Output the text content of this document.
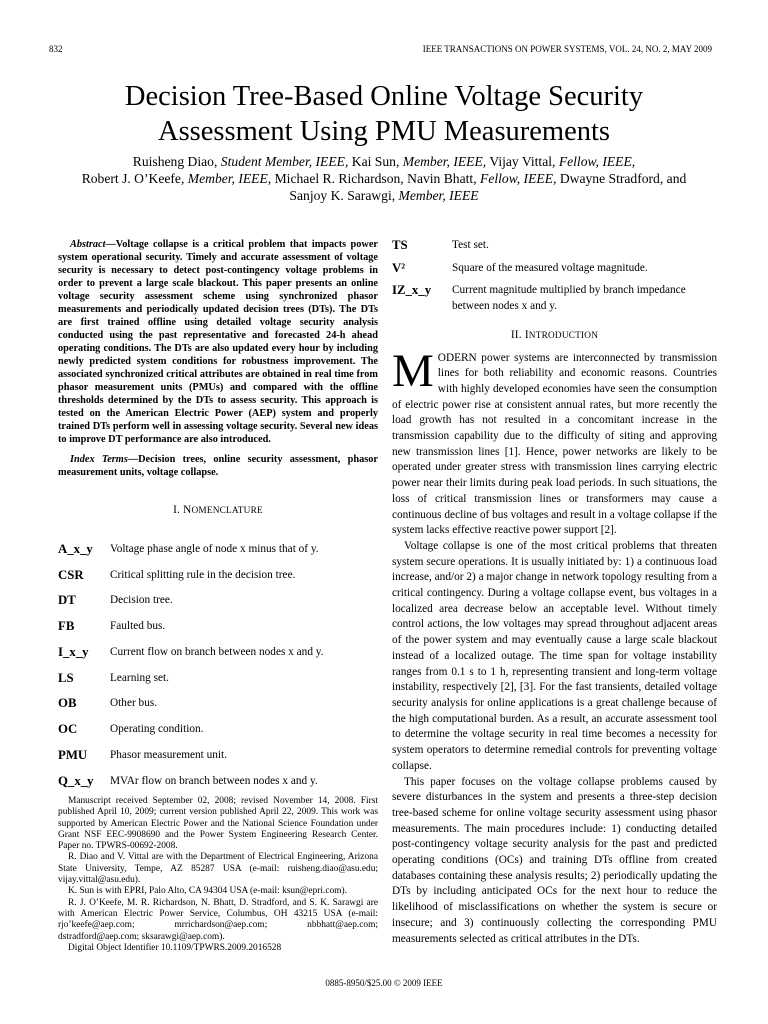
832	IEEE TRANSACTIONS ON POWER SYSTEMS, VOL. 24, NO. 2, MAY 2009
Decision Tree-Based Online Voltage Security
Assessment Using PMU Measurements
Ruisheng Diao, Student Member, IEEE, Kai Sun, Member, IEEE, Vijay Vittal, Fellow, IEEE,
Robert J. O’Keefe, Member, IEEE, Michael R. Richardson, Navin Bhatt, Fellow, IEEE, Dwayne Stradford, and
Sanjoy K. Sarawgi, Member, IEEE

Abstract—Voltage collapse is a critical problem that impacts power system operational security. Timely and accurate assessment of voltage security is necessary to detect post-contingency voltage problems in order to prevent a large scale blackout. This paper presents an online voltage security assessment scheme using synchronized phasor measurements and periodically updated decision trees (DTs). The DTs are first trained offline using detailed voltage security analysis conducted using the past representative and forecasted 24-h ahead operating conditions. The DTs are also updated every hour by including newly predicted system conditions for robustness improvement. The associated synchronized critical attributes are obtained in real time from phasor measurement units (PMUs) and compared with the offline thresholds determined by the DTs to assess security. This approach is tested on the American Electric Power (AEP) system and properly trained DTs perform well in assessing voltage security. Several new ideas to improve DT performance are also introduced.

Index Terms—Decision trees, online security assessment, phasor measurement units, voltage collapse.

I. NOMENCLATURE
A_x_y	Voltage phase angle of node x minus that of y.
CSR	Critical splitting rule in the decision tree.
DT	Decision tree.
FB	Faulted bus.
I_x_y	Current flow on branch between nodes x and y.
LS	Learning set.
OB	Other bus.
OC	Operating condition.
PMU	Phasor measurement unit.
Q_x_y	MVAr flow on branch between nodes x and y.

Manuscript received September 02, 2008; revised November 14, 2008. First published April 10, 2009; current version published April 22, 2009. This work was supported by American Electric Power and the National Science Foundation under Grant NSF EEC-9908690 and the Power System Engineering Research Center. Paper no. TPWRS-00692-2008.

R. Diao and V. Vittal are with the Department of Electrical Engineering, Arizona State University, Tempe, AZ 85287 USA (e-mail: ruisheng.diao@asu.edu; vijay.vittal@asu.edu).

K. Sun is with EPRI, Palo Alto, CA 94304 USA (e-mail: ksun@epri.com).

R. J. O’Keefe, M. R. Richardson, N. Bhatt, D. Stradford, and S. K. Sarawgi are with American Electric Power Service, Columbus, OH 43215 USA (e-mail: rjo’keefe@aep.com; mrrichardson@aep.com; nbbhatt@aep.com; dstradford@aep.com; sksarawgi@aep.com).

Digital Object Identifier 10.1109/TPWRS.2009.2016528

TS	Test set.
V²	Square of the measured voltage magnitude.
IZ_x_y	Current magnitude multiplied by branch impedance between nodes x and y.
II. INTRODUCTION

MODERN power systems are interconnected by transmission lines for both reliability and economic reasons. Countries with highly developed economies have seen the consumption of electric power rise at consistent annual rates, but more recently the load growth has not resulted in a concomitant increase in the transmission capability due to the difficulty of siting and approving new transmission lines [1]. Hence, power networks are likely to be operated under greater stress with transmission lines carrying electric power near their limits during peak load periods. In such situations, the loss of critical transmission lines or transformers may cause a continuous decline of bus voltages and result in a voltage collapse if the system lacks effective reactive power support [2].

Voltage collapse is one of the most critical problems that threaten system secure operations. It is usually initiated by: 1) a continuous load increase, and/or 2) a major change in network topology resulting from a critical contingency. During a voltage collapse event, bus voltages in a localized area decrease below an acceptable level. Without timely control actions, the low voltages may spread throughout adjacent areas of the power system and may eventually cause a large scale blackout instead of a localized outage. The time span for voltage instability ranges from 0.1 s to 1 h, representing transient and long-term voltage instability, respectively [2], [3]. For the fast transients, detailed voltage security analysis for online applications is a great challenge because of the high computational burden. As a result, an accurate assessment tool to determine the voltage security in real time becomes a necessity for system operators to determine remedial controls for preventing voltage collapse.

This paper focuses on the voltage collapse problems caused by severe disturbances in the system and presents a three-step decision tree-based scheme for online voltage security assessment using phasor measurements. The main procedures include: 1) conducting detailed post-contingency voltage security analysis for the past and predicted operating conditions (OCs) and training DTs offline from created databases containing these analysis results; 2) periodically updating the DTs by including anticipated OCs for the next hour to reduce the likelihood of misclassifications on whether the system is secure or insecure; and 3) continuously collecting the corresponding PMU measurements selected as critical attributes in the DTs.

0885-8950/$25.00 © 2009 IEEE
